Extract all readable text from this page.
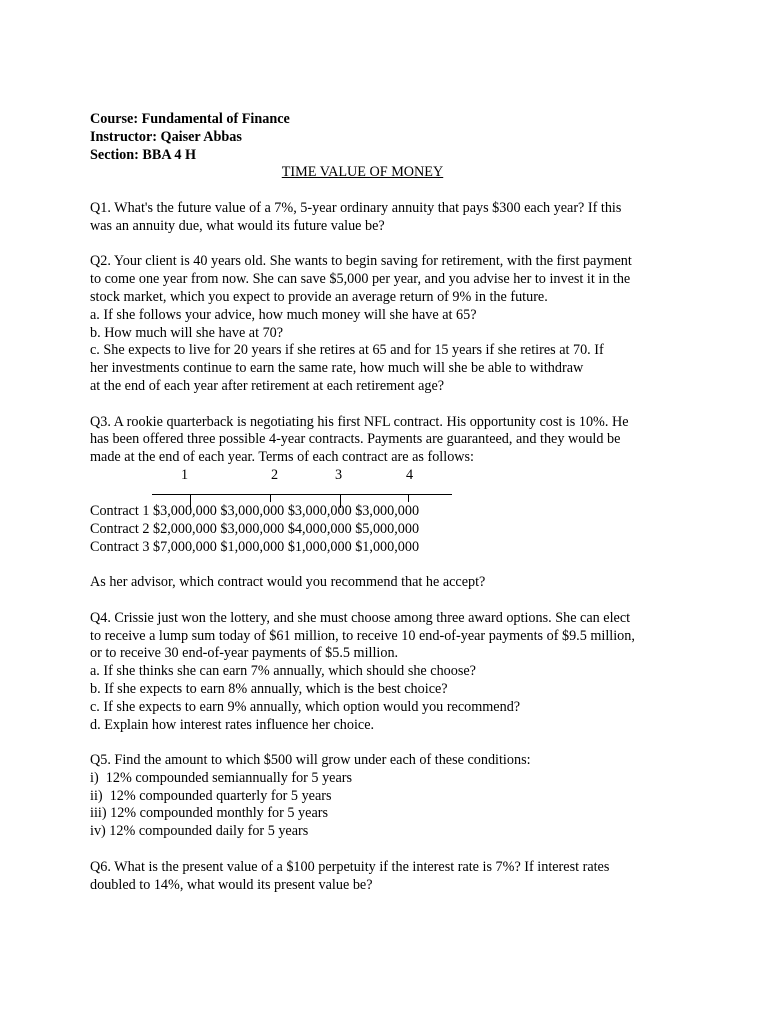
Course: Fundamental of Finance
Instructor: Qaiser Abbas
Section: BBA 4 H
TIME VALUE OF MONEY
Q1. What's the future value of a 7%, 5-year ordinary annuity that pays $300 each year? If this
was an annuity due, what would its future value be?
Q2. Your client is 40 years old. She wants to begin saving for retirement, with the first payment
to come one year from now. She can save $5,000 per year, and you advise her to invest it in the
stock market, which you expect to provide an average return of 9% in the future.
a. If she follows your advice, how much money will she have at 65?
b. How much will she have at 70?
c. She expects to live for 20 years if she retires at 65 and for 15 years if she retires at 70. If
her investments continue to earn the same rate, how much will she be able to withdraw
at the end of each year after retirement at each retirement age?
Q3. A rookie quarterback is negotiating his first NFL contract. His opportunity cost is 10%. He
has been offered three possible 4-year contracts. Payments are guaranteed, and they would be
made at the end of each year. Terms of each contract are as follows:
1	2	3	4
Contract 1 $3,000,000 $3,000,000 $3,000,000 $3,000,000
Contract 2 $2,000,000 $3,000,000 $4,000,000 $5,000,000
Contract 3 $7,000,000 $1,000,000 $1,000,000 $1,000,000
As her advisor, which contract would you recommend that he accept?
Q4. Crissie just won the lottery, and she must choose among three award options. She can elect
to receive a lump sum today of $61 million, to receive 10 end-of-year payments of $9.5 million,
or to receive 30 end-of-year payments of $5.5 million.
a. If she thinks she can earn 7% annually, which should she choose?
b. If she expects to earn 8% annually, which is the best choice?
c. If she expects to earn 9% annually, which option would you recommend?
d. Explain how interest rates influence her choice.
Q5. Find the amount to which $500 will grow under each of these conditions:
i)  12% compounded semiannually for 5 years
ii)  12% compounded quarterly for 5 years
iii) 12% compounded monthly for 5 years
iv) 12% compounded daily for 5 years
Q6. What is the present value of a $100 perpetuity if the interest rate is 7%? If interest rates
doubled to 14%, what would its present value be?
